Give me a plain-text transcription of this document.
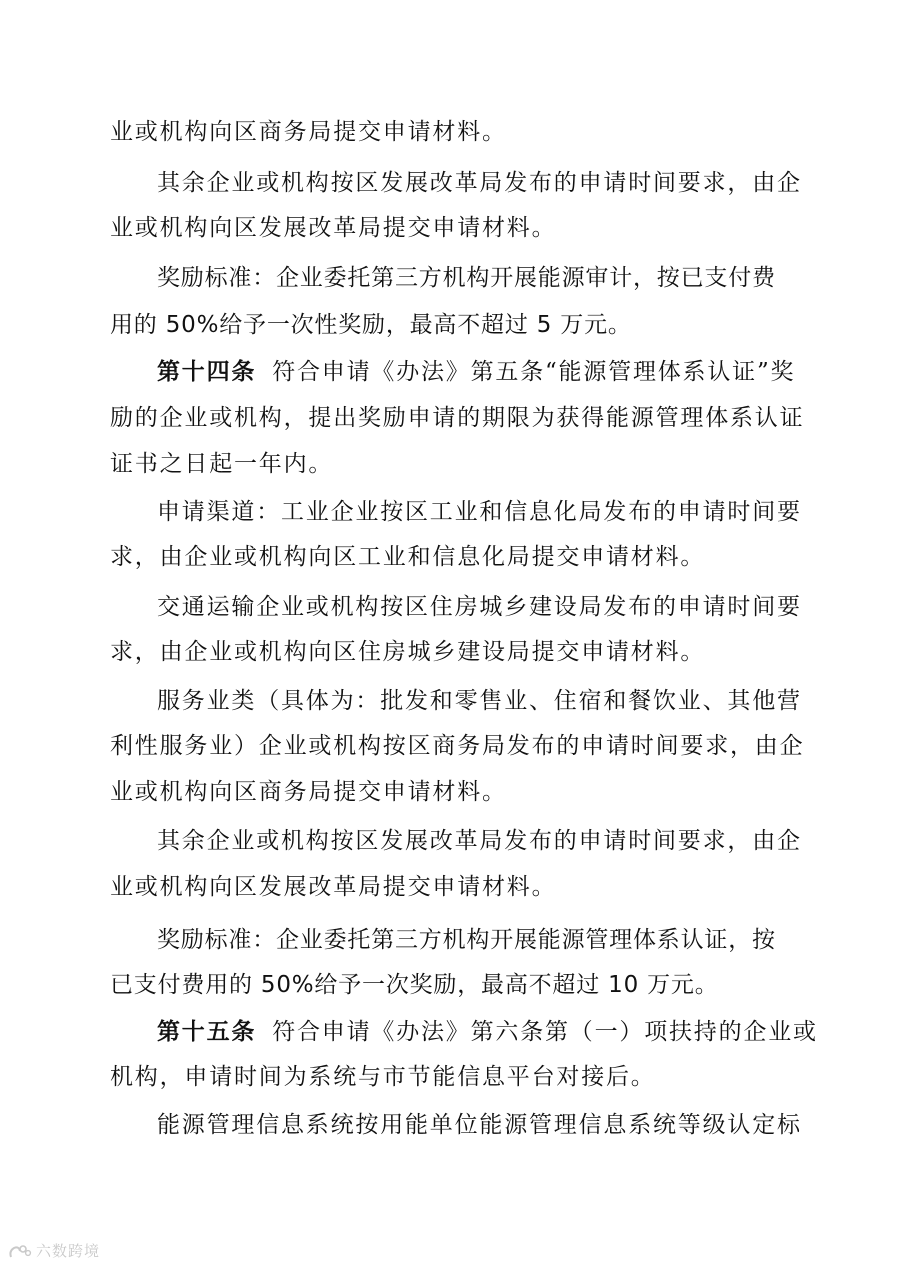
业或机构向区商务局提交申请材料。
其余企业或机构按区发展改革局发布的申请时间要求，由企
业或机构向区发展改革局提交申请材料。
奖励标准：企业委托第三方机构开展能源审计，按已支付费
用的 50%给予一次性奖励，最高不超过 5 万元。
第十四条 符合申请《办法》第五条“能源管理体系认证”奖
励的企业或机构，提出奖励申请的期限为获得能源管理体系认证
证书之日起一年内。
申请渠道：工业企业按区工业和信息化局发布的申请时间要
求，由企业或机构向区工业和信息化局提交申请材料。
交通运输企业或机构按区住房城乡建设局发布的申请时间要
求，由企业或机构向区住房城乡建设局提交申请材料。
服务业类（具体为：批发和零售业、住宿和餐饮业、其他营
利性服务业）企业或机构按区商务局发布的申请时间要求，由企
业或机构向区商务局提交申请材料。
其余企业或机构按区发展改革局发布的申请时间要求，由企
业或机构向区发展改革局提交申请材料。
奖励标准：企业委托第三方机构开展能源管理体系认证，按
已支付费用的 50%给予一次奖励，最高不超过 10 万元。
第十五条 符合申请《办法》第六条第（一）项扶持的企业或
机构，申请时间为系统与市节能信息平台对接后。
能源管理信息系统按用能单位能源管理信息系统等级认定标
六数跨境
